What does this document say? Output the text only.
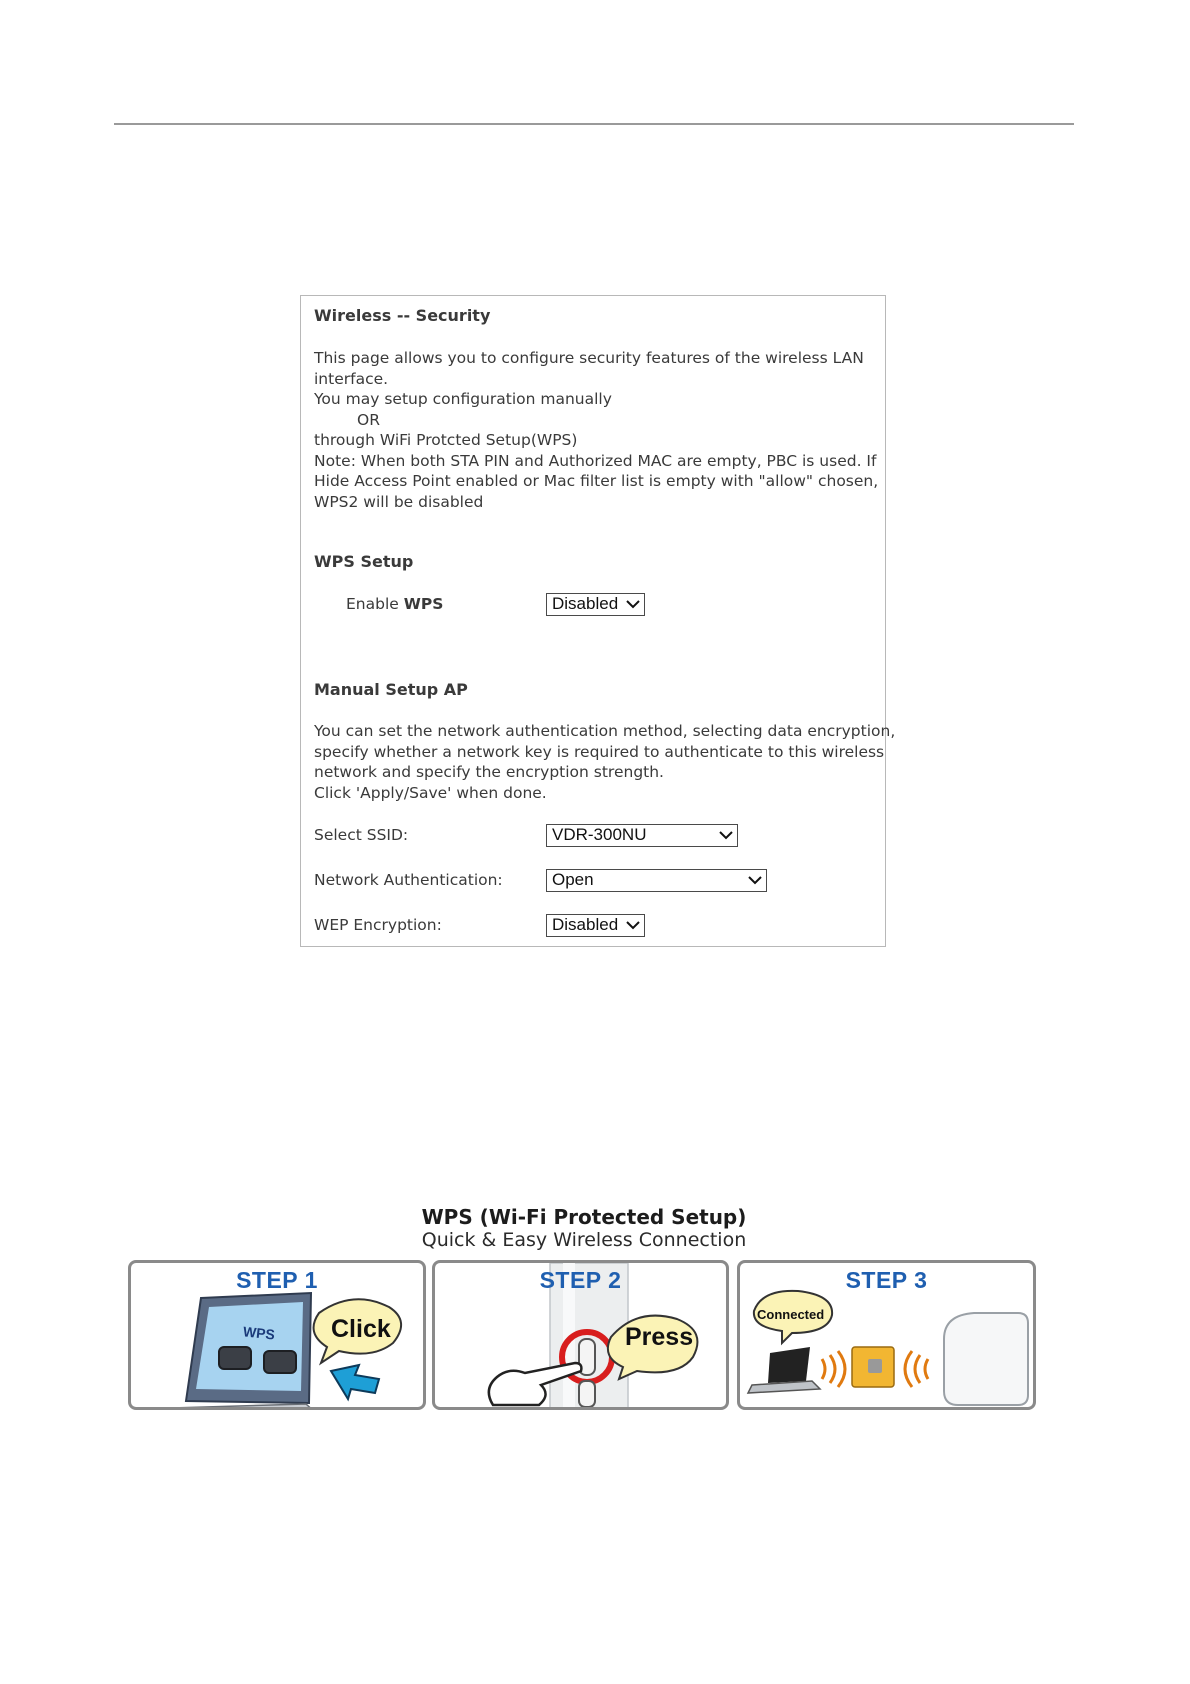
Wireless -- Security
This page allows you to configure security features of the wireless LAN
interface.
You may setup configuration manually
OR
through WiFi Protcted Setup(WPS)
Note: When both STA PIN and Authorized MAC are empty, PBC is used. If
Hide Access Point enabled or Mac filter list is empty with "allow" chosen,
WPS2 will be disabled
WPS Setup
Enable WPS	Disabled
Manual Setup AP
You can set the network authentication method, selecting data encryption,
specify whether a network key is required to authenticate to this wireless
network and specify the encryption strength.
Click 'Apply/Save' when done.
Select SSID:	VDR-300NU
Network Authentication:	Open
WEP Encryption:	Disabled
WPS (Wi-Fi Protected Setup)
Quick & Easy Wireless Connection
STEP 1
Click
WPS
STEP 2
Press
STEP 3
Connected
